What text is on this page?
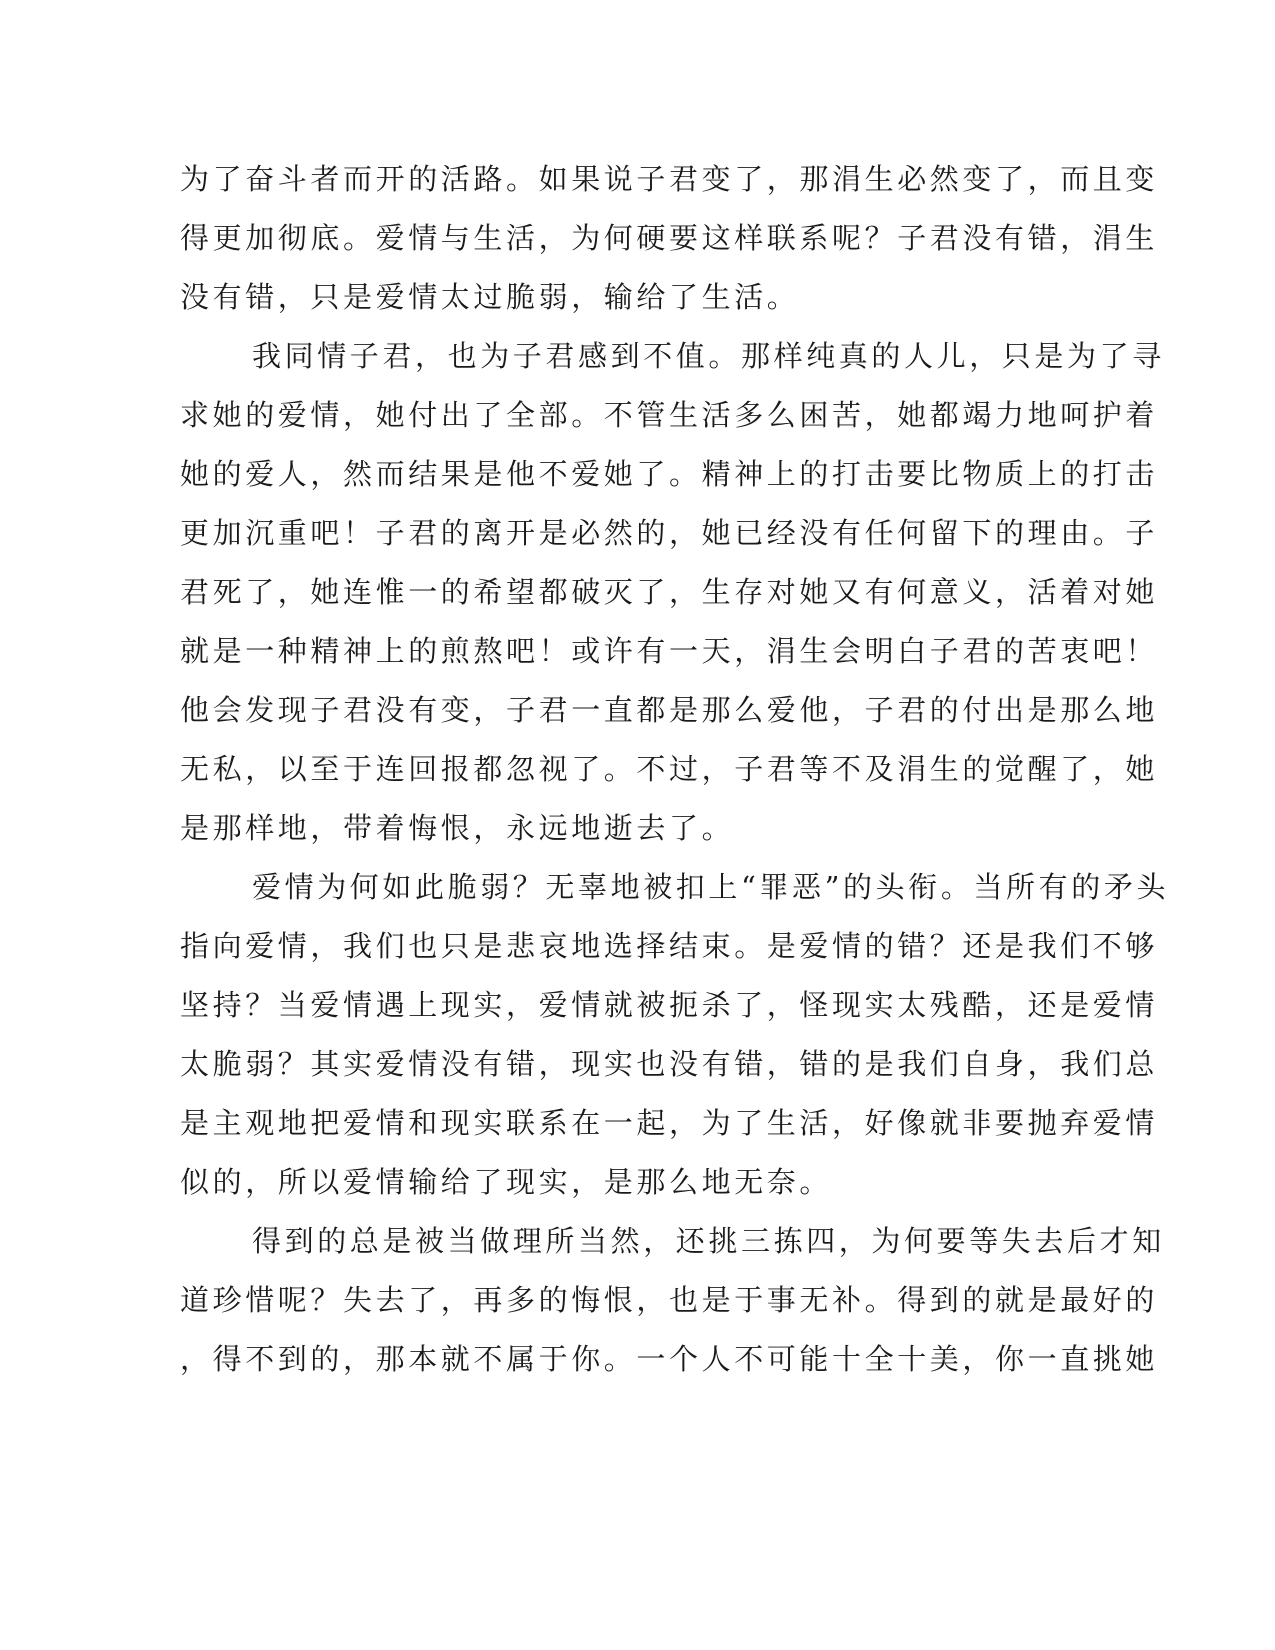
为了奋斗者而开的活路。如果说子君变了，那涓生必然变了，而且变
得更加彻底。爱情与生活，为何硬要这样联系呢？子君没有错，涓生
没有错，只是爱情太过脆弱，输给了生活。
我同情子君，也为子君感到不值。那样纯真的人儿，只是为了寻
求她的爱情，她付出了全部。不管生活多么困苦，她都竭力地呵护着
她的爱人，然而结果是他不爱她了。精神上的打击要比物质上的打击
更加沉重吧！子君的离开是必然的，她已经没有任何留下的理由。子
君死了，她连惟一的希望都破灭了，生存对她又有何意义，活着对她
就是一种精神上的煎熬吧！或许有一天，涓生会明白子君的苦衷吧！
他会发现子君没有变，子君一直都是那么爱他，子君的付出是那么地
无私，以至于连回报都忽视了。不过，子君等不及涓生的觉醒了，她
是那样地，带着悔恨，永远地逝去了。
爱情为何如此脆弱？无辜地被扣上“罪恶”的头衔。当所有的矛头
指向爱情，我们也只是悲哀地选择结束。是爱情的错？还是我们不够
坚持？当爱情遇上现实，爱情就被扼杀了，怪现实太残酷，还是爱情
太脆弱？其实爱情没有错，现实也没有错，错的是我们自身，我们总
是主观地把爱情和现实联系在一起，为了生活，好像就非要抛弃爱情
似的，所以爱情输给了现实，是那么地无奈。
得到的总是被当做理所当然，还挑三拣四，为何要等失去后才知
道珍惜呢？失去了，再多的悔恨，也是于事无补。得到的就是最好的
，得不到的，那本就不属于你。一个人不可能十全十美，你一直挑她
